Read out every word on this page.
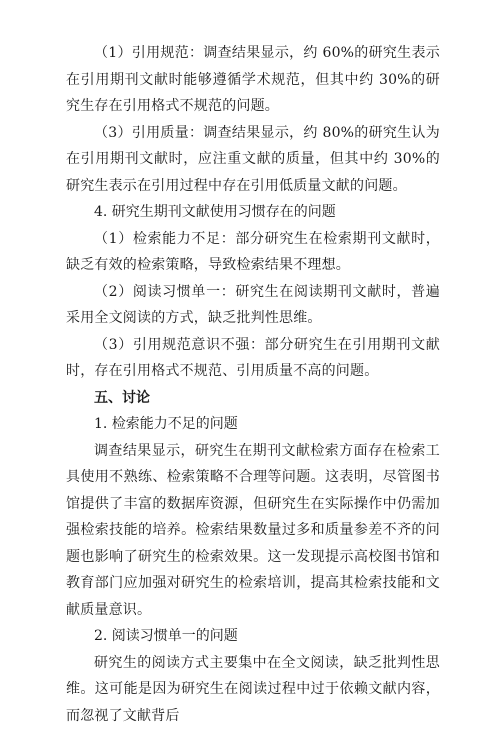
（1）引用规范：调查结果显示，约 60%的研究生表示在引用期刊文献时能够遵循学术规范，但其中约 30%的研究生存在引用格式不规范的问题。

（3）引用质量：调查结果显示，约 80%的研究生认为在引用期刊文献时，应注重文献的质量，但其中约 30%的研究生表示在引用过程中存在引用低质量文献的问题。

4. 研究生期刊文献使用习惯存在的问题

（1）检索能力不足：部分研究生在检索期刊文献时，缺乏有效的检索策略，导致检索结果不理想。

（2）阅读习惯单一：研究生在阅读期刊文献时，普遍采用全文阅读的方式，缺乏批判性思维。

（3）引用规范意识不强：部分研究生在引用期刊文献时，存在引用格式不规范、引用质量不高的问题。

五、讨论

1. 检索能力不足的问题

调查结果显示，研究生在期刊文献检索方面存在检索工具使用不熟练、检索策略不合理等问题。这表明，尽管图书馆提供了丰富的数据库资源，但研究生在实际操作中仍需加强检索技能的培养。检索结果数量过多和质量参差不齐的问题也影响了研究生的检索效果。这一发现提示高校图书馆和教育部门应加强对研究生的检索培训，提高其检索技能和文献质量意识。

2. 阅读习惯单一的问题

研究生的阅读方式主要集中在全文阅读，缺乏批判性思维。这可能是因为研究生在阅读过程中过于依赖文献内容，而忽视了文献背后
